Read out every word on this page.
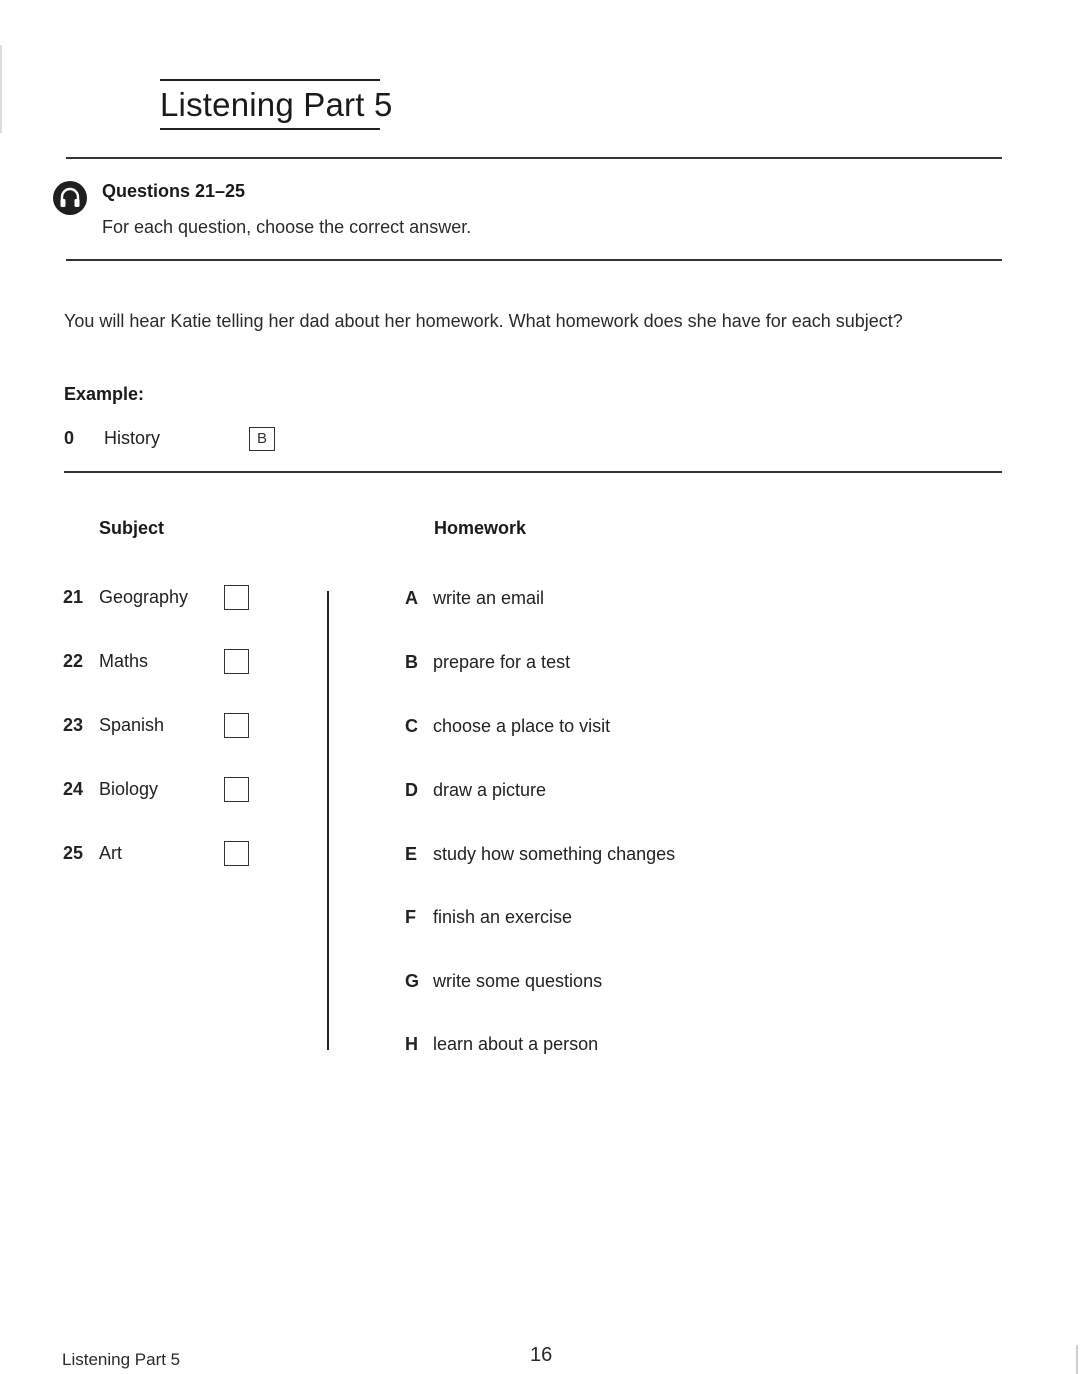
Listening Part 5
Questions 21–25
For each question, choose the correct answer.
You will hear Katie telling her dad about her homework. What homework does she have for each subject?
Example:
0 History	B
Subject	Homework
21 Geography
22 Maths
23 Spanish
24 Biology
25 Art
A write an email
B prepare for a test
C choose a place to visit
D draw a picture
E study how something changes
F finish an exercise
G write some questions
H learn about a person
Listening Part 5	16
